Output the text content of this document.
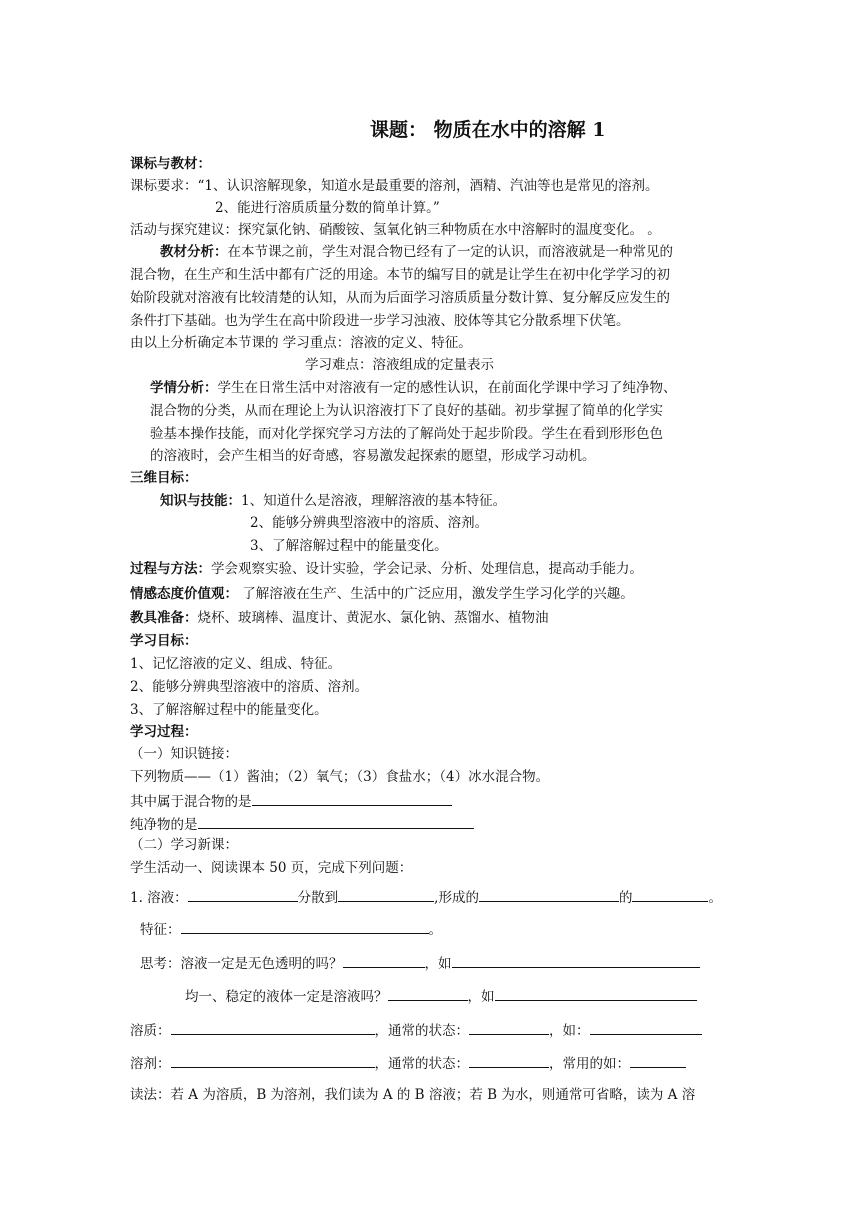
课题： 物质在水中的溶解 1
课标与教材：
课标要求：“1、认识溶解现象，知道水是最重要的溶剂，酒精、汽油等也是常见的溶剂。
2、能进行溶质质量分数的简单计算。”
活动与探究建议：探究氯化钠、硝酸铵、氢氧化钠三种物质在水中溶解时的温度变化。 。
教材分析：在本节课之前，学生对混合物已经有了一定的认识，而溶液就是一种常见的
混合物，在生产和生活中都有广泛的用途。本节的编写目的就是让学生在初中化学学习的初
始阶段就对溶液有比较清楚的认知，从而为后面学习溶质质量分数计算、复分解反应发生的
条件打下基础。也为学生在高中阶段进一步学习浊液、胶体等其它分散系埋下伏笔。
由以上分析确定本节课的 学习重点：溶液的定义、特征。
学习难点：溶液组成的定量表示
学情分析：学生在日常生活中对溶液有一定的感性认识，在前面化学课中学习了纯净物、
混合物的分类，从而在理论上为认识溶液打下了良好的基础。初步掌握了简单的化学实
验基本操作技能，而对化学探究学习方法的了解尚处于起步阶段。学生在看到形形色色
的溶液时，会产生相当的好奇感，容易激发起探索的愿望，形成学习动机。
三维目标：
知识与技能：1、知道什么是溶液，理解溶液的基本特征。
2、能够分辨典型溶液中的溶质、溶剂。
3、了解溶解过程中的能量变化。
过程与方法：学会观察实验、设计实验，学会记录、分析、处理信息，提高动手能力。
情感态度价值观： 了解溶液在生产、生活中的广泛应用，激发学生学习化学的兴趣。
教具准备：烧杯、玻璃棒、温度计、黄泥水、氯化钠、蒸馏水、植物油
学习目标：
1、记忆溶液的定义、组成、特征。
2、能够分辨典型溶液中的溶质、溶剂。
3、了解溶解过程中的能量变化。
学习过程：
（一）知识链接：
下列物质——（1）酱油；（2）氧气；（3）食盐水；（4）冰水混合物。
其中属于混合物的是
纯净物的是
（二）学习新课：
学生活动一、阅读课本 50 页，完成下列问题：
1. 溶液：	分散到	,形成的	的	。
特征：	。
思考：溶液一定是无色透明的吗？	，如
均一、稳定的液体一定是溶液吗？	，如
溶质：	，通常的状态：	，如：
溶剂：	，通常的状态：	，常用的如：
读法：若 A 为溶质，B 为溶剂，我们读为 A 的 B 溶液；若 B 为水，则通常可省略，读为 A 溶
